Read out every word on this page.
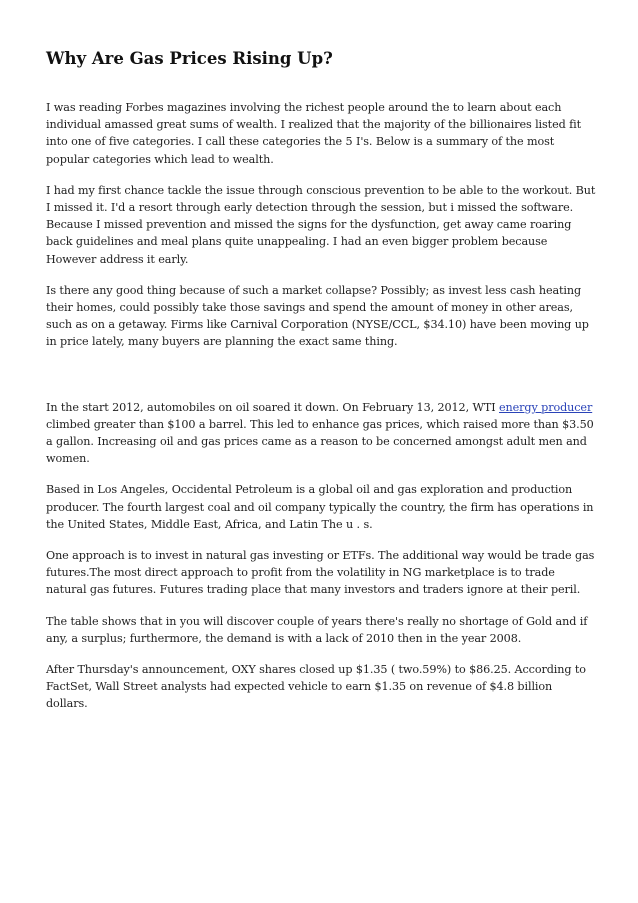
Why Are Gas Prices Rising Up?

I was reading Forbes magazines involving the richest people around the to learn about each individual amassed great sums of wealth. I realized that the majority of the billionaires listed fit into one of five categories. I call these categories the 5 I's. Below is a summary of the most popular categories which lead to wealth.

I had my first chance tackle the issue through conscious prevention to be able to the workout. But I missed it. I'd a resort through early detection through the session, but i missed the software. Because I missed prevention and missed the signs for the dysfunction, get away came roaring back guidelines and meal plans quite unappealing. I had an even bigger problem because However address it early.

Is there any good thing because of such a market collapse? Possibly; as invest less cash heating their homes, could possibly take those savings and spend the amount of money in other areas, such as on a getaway. Firms like Carnival Corporation (NYSE/CCL, $34.10) have been moving up in price lately, many buyers are planning the exact same thing.

In the start 2012, automobiles on oil soared it down. On February 13, 2012, WTI energy producer climbed greater than $100 a barrel. This led to enhance gas prices, which raised more than $3.50 a gallon. Increasing oil and gas prices came as a reason to be concerned amongst adult men and women.

Based in Los Angeles, Occidental Petroleum is a global oil and gas exploration and production producer. The fourth largest coal and oil company typically the country, the firm has operations in the United States, Middle East, Africa, and Latin The u . s.

One approach is to invest in natural gas investing or ETFs. The additional way would be trade gas futures.The most direct approach to profit from the volatility in NG marketplace is to trade natural gas futures. Futures trading place that many investors and traders ignore at their peril.

The table shows that in you will discover couple of years there's really no shortage of Gold and if any, a surplus; furthermore, the demand is with a lack of 2010 then in the year 2008.

After Thursday's announcement, OXY shares closed up $1.35 ( two.59%) to $86.25. According to FactSet, Wall Street analysts had expected vehicle to earn $1.35 on revenue of $4.8 billion dollars.
